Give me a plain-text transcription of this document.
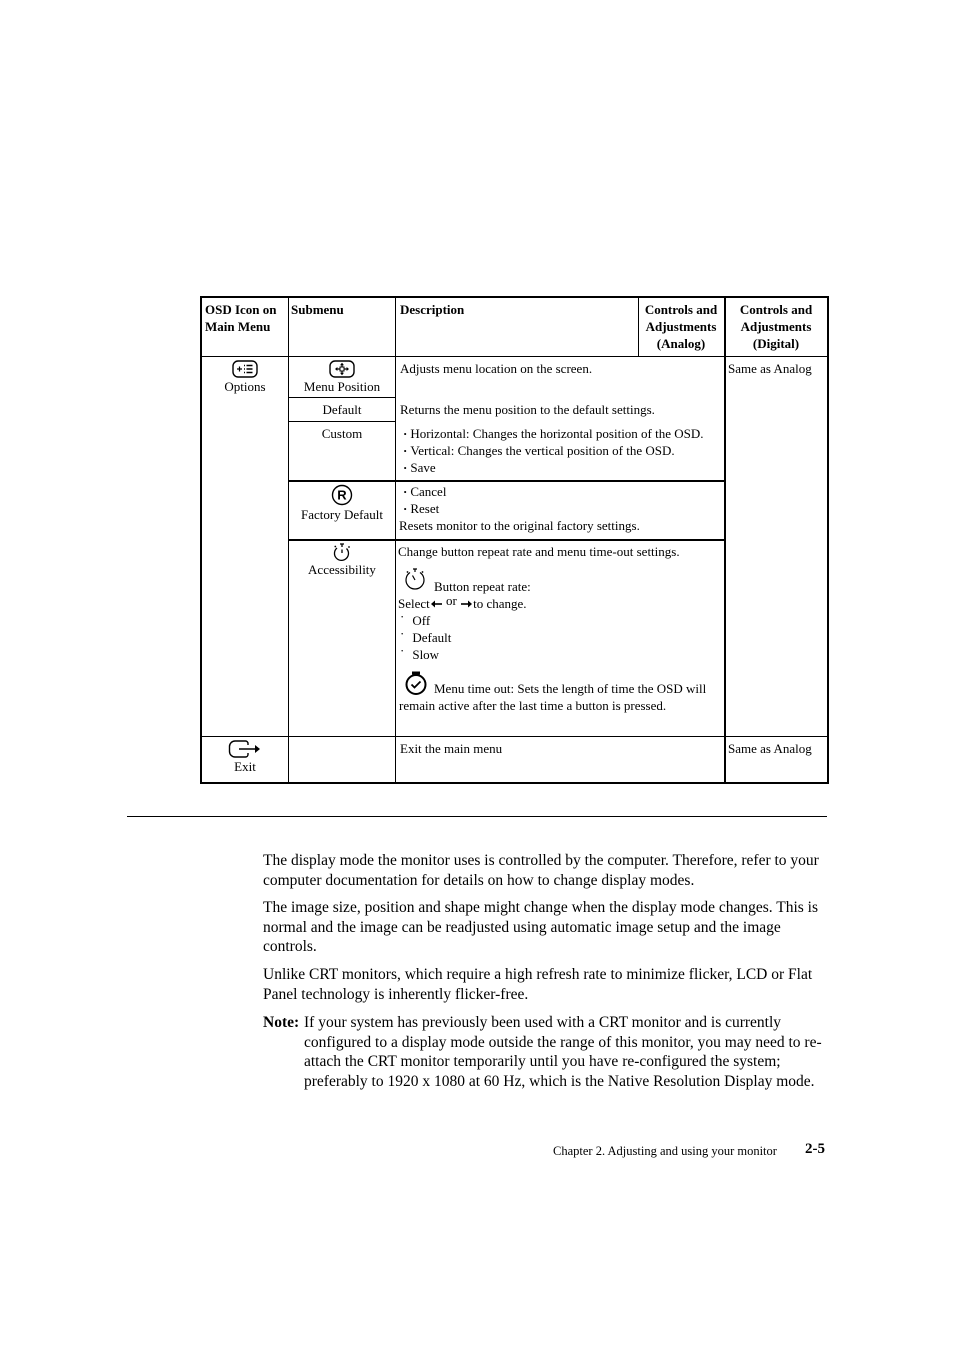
OSD Icon on Main Menu
Submenu	Description	Controls and Adjustments (Analog)
Controls and Adjustments (Digital)
Options
Same as Analog
Menu Position
Adjusts menu location on the screen.
Default	Returns the menu position to the default settings.
Custom
·	Horizontal: Changes the horizontal position of the OSD.
· Vertical: Changes the vertical position of the OSD.
· Save
R
Factory Default
· Cancel
· Reset
Resets monitor to the original factory settings.
Accessibility
Change button repeat rate and menu time-out settings.
Button repeat rate:
Select or to change.
· Off
· Default
· Slow
Menu time out: Sets the length of time the OSD will
remain active after the last time a button is pressed.
Exit
Exit the main menu	Same as Analog
The display mode the monitor uses is controlled by the computer. Therefore, refer to your computer documentation for details on how to change display modes.
The image size, position and shape might change when the display mode changes. This is normal and the image can be readjusted using automatic image setup and the image controls.
Unlike CRT monitors, which require a high refresh rate to minimize flicker, LCD or Flat Panel technology is inherently flicker-free.
Note: If your system has previously been used with a CRT monitor and is currently configured to a display mode outside the range of this monitor, you may need to re-attach the CRT monitor temporarily until you have re-configured the system; preferably to 1920 x 1080 at 60 Hz, which is the Native Resolution Display mode.
Chapter 2. Adjusting and using your monitor 2-5
